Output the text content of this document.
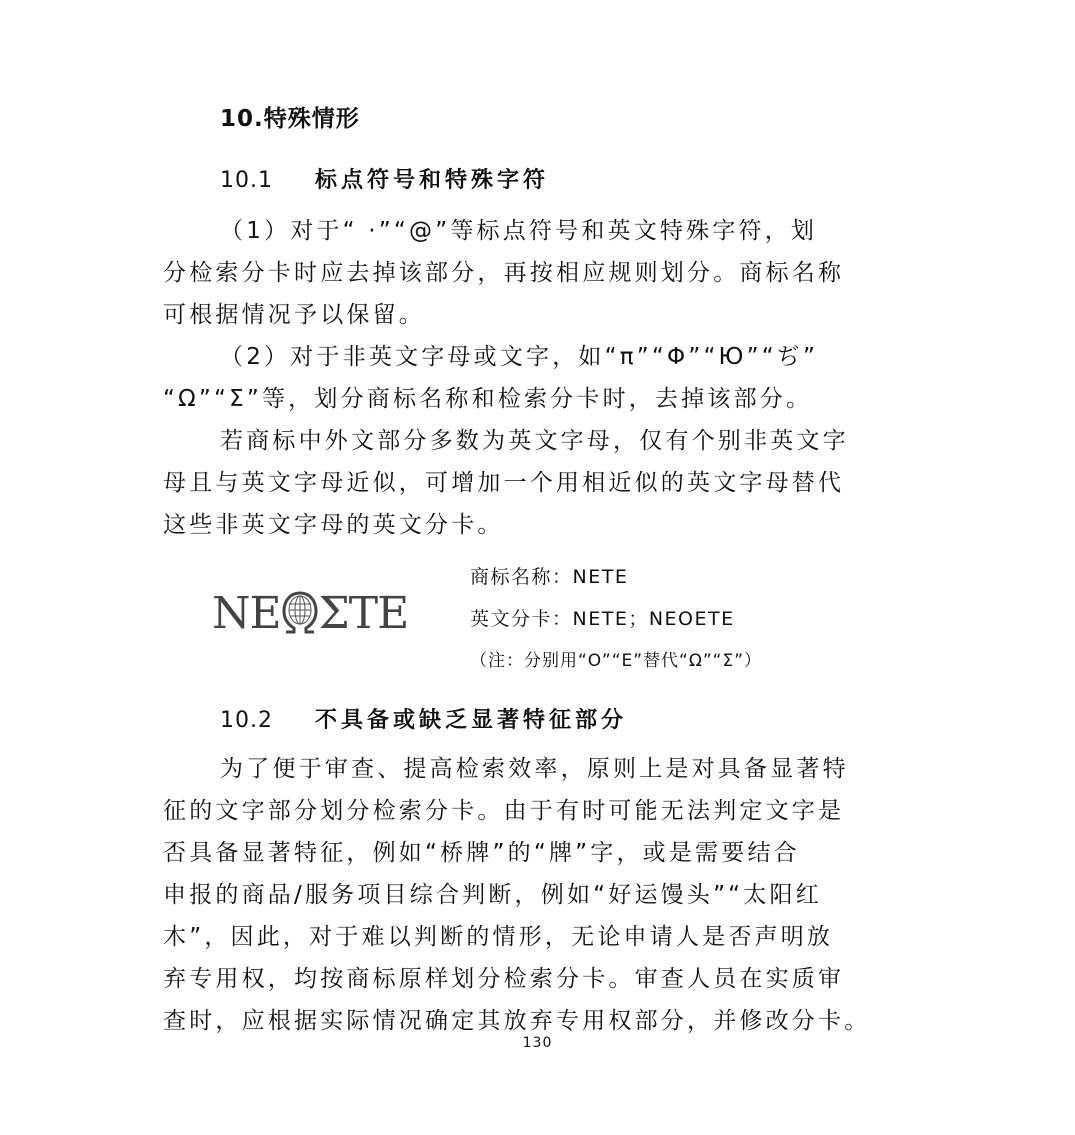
10.特殊情形
10.1 标点符号和特殊字符
（1）对于“ ·”“@”等标点符号和英文特殊字符，划
分检索分卡时应去掉该部分，再按相应规则划分。商标名称
可根据情况予以保留。
（2）对于非英文字母或文字，如“π”“Φ”“Ю”“ぢ”
“Ω”“Σ”等，划分商标名称和检索分卡时，去掉该部分。
若商标中外文部分多数为英文字母，仅有个别非英文字
母且与英文字母近似，可增加一个用相近似的英文字母替代
这些非英文字母的英文分卡。
NE ΣTE
商标名称：NETE
英文分卡：NETE；NEOETE
（注：分别用“O”“E”替代“Ω”“Σ”）
10.2 不具备或缺乏显著特征部分
为了便于审查、提高检索效率，原则上是对具备显著特
征的文字部分划分检索分卡。由于有时可能无法判定文字是
否具备显著特征，例如“桥牌”的“牌”字，或是需要结合
申报的商品/服务项目综合判断，例如“好运馒头”“太阳红
木”，因此，对于难以判断的情形，无论申请人是否声明放
弃专用权，均按商标原样划分检索分卡。审查人员在实质审
查时，应根据实际情况确定其放弃专用权部分，并修改分卡。
130
